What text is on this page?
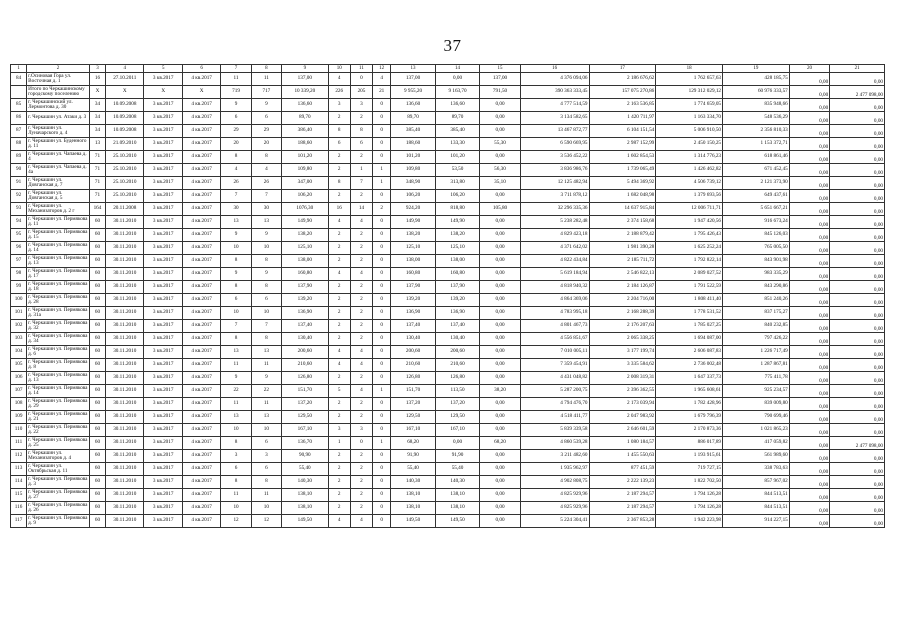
37
1	2	3	4	5	6	7	8	9	10	11	12	13	14	15	16	17	18	19	20	21
84	г.Осиновая Гора ул. Восточная д. 1	16	27.10.2011	3 кв.2017	4 кв.2017	11	11	137,00	4	0	4	137,00	0,00	137,00	4 376 094,06	2 186 676,62	1 762 657,63	428 185,75	0,00	0,00
	Итого по Черкашинскому городскому поселению	X	X	X	X	719	717	10 339,20	226	205	21	9 955,20	9 163,70	791,50	390 363 333,45	157 075 270,86	129 312 029,12	60 976 333,57	0,00	2 477 098,00
85	г. Черкашинский ул. Лермонтова д. 30	34	10.09.2008	3 кв.2017	4 кв.2017	9	9	136,60	3	3	0	136,60	136,60	0,00	4 777 514,59	2 163 536,85	1 774 659,05	835 948,66	0,00	0,00
86	г. Черкашин ул. Атаки д. 3	34	10.09.2008	3 кв.2017	4 кв.2017	6	6	89,70	2	2	0	89,70	89,70	0,00	3 134 582,65	1 420 711,97	1 163 334,70	548 536,29	0,00	0,00
87	г. Черкашин ул. Луначарского д. 4	34	10.09.2008	3 кв.2017	4 кв.2017	29	29	386,40	8	8	0	385,40	385,40	0,00	13 467 872,77	6 104 151,54	5 006 910,50	2 356 810,33	0,00	0,00
88	г. Черкашин ул. Буденного д. 11	13	21.09.2010	3 кв.2017	4 кв.2017	20	20	188,60	6	6	0	188,60	133,30	55,30	6 590 669,95	2 987 152,99	2 450 150,25	1 153 372,71	0,00	0,00
89	г. Черкашин ул. Чапаева д. 4	71	25.10.2010	3 кв.2017	4 кв.2017	8	8	101,20	2	2	0	101,20	101,20	0,00	3 536 452,22	1 602 854,53	1 314 776,23	618 861,46	0,00	0,00
90	г. Черкашин ул. Чапаева д. 4а	71	25.10.2010	3 кв.2017	4 кв.2017	4	4	109,80	2	1	1	109,80	53,50	56,30	3 836 986,76	1 739 065,49	1 426 462,82	671 452,45	0,00	0,00
91	г. Черкашин ул. Довганская д. 7	71	25.10.2010	3 кв.2017	4 кв.2017	26	26	347,00	8	7	1	348,90	313,80	35,10	12 125 482,94	5 494 369,92	4 506 739,12	2 121 373,90	0,00	0,00
92	г. Черкашин ул. Довганская д. 5	71	25.10.2010	3 кв.2017	4 кв.2017	7	7	106,20	2	2	0	106,20	106,20	0,00	3 711 878,12	1 682 048,98	1 379 693,56	649 437,61	0,00	0,00
93	г. Черкашин ул. Механизаторов д. 2 г	164	20.11.2008	3 кв.2017	4 кв.2017	30	30	1076,30	16	14	2	924,20	818,80	105,80	32 296 335,36	14 637 915,84	12 006 711,71	5 651 667,21	0,00	0,00
94	г. Черкашин ул. Пермякова д. 11	60	30.11.2010	3 кв.2017	4 кв.2017	13	13	149,90	4	4	0	149,90	149,90	0,00	5 238 282,48	2 374 158,68	1 947 420,56	916 673,24	0,00	0,00
95	г. Черкашин ул. Пермякова д. 15	60	30.11.2010	3 кв.2017	4 кв.2017	9	9	138,20	2	2	0	138,20	138,20	0,00	4 829 423,18	2 188 879,42	1 795 426,43	845 126,03	0,00	0,00
96	г. Черкашин ул. Пермякова д. 14	60	30.11.2010	3 кв.2017	4 кв.2017	10	10	125,10	2	2	0	125,10	125,10	0,00	4 371 642,02	1 981 390,28	1 625 252,24	765 005,50	0,00	0,00
97	г. Черкашин ул. Пермякова д. 13	60	30.11.2010	3 кв.2017	4 кв.2017	8	8	138,00	2	2	0	138,00	138,00	0,00	4 822 434,84	2 185 711,72	1 792 822,14	843 901,98	0,00	0,00
98	г. Черкашин ул. Пермякова д. 17	60	30.11.2010	3 кв.2017	4 кв.2017	9	9	160,80	4	4	0	160,80	160,80	0,00	5 619 184,94	2 546 822,13	2 089 027,52	983 335,29	0,00	0,00
99	г. Черкашин ул. Пермякова д. 18	60	30.11.2010	3 кв.2017	4 кв.2017	8	8	137,90	2	2	0	137,90	137,90	0,00	4 818 940,32	2 184 126,87	1 791 522,59	843 290,86	0,00	0,00
100	г. Черкашин ул. Пермякова д. 28	60	30.11.2010	3 кв.2017	4 кв.2017	6	6	139,20	2	2	0	139,20	139,20	0,00	4 864 369,06	2 204 716,00	1 808 411,40	851 240,26	0,00	0,00
101	г. Черкашин ул. Пермякова д. 31а	60	30.11.2010	3 кв.2017	4 кв.2017	10	10	136,90	2	2	0	136,90	136,90	0,00	4 783 995,18	2 168 288,39	1 778 531,52	837 175,27	0,00	0,00
102	г. Черкашин ул. Пермякова д. 32	60	30.11.2010	3 кв.2017	4 кв.2017	7	7	137,40	2	2	0	137,40	137,40	0,00	4 801 467,73	2 176 207,63	1 785 027,25	840 232,85	0,00	0,00
103	г. Черкашин ул. Пермякова д. 34	60	30.11.2010	3 кв.2017	4 кв.2017	8	8	130,40	2	2	0	130,40	130,40	0,00	4 556 851,67	2 065 338,25	1 694 087,00	797 426,22	0,00	0,00
104	г. Черкашин ул. Пермякова д. 6	60	30.11.2010	3 кв.2017	4 кв.2017	13	13	200,60	4	4	0	200,60	200,60	0,00	7 010 005,11	3 177 199,74	2 606 087,83	1 226 717,49	0,00	0,00
105	г. Черкашин ул. Пермякова д. 8	60	30.11.2010	3 кв.2017	4 кв.2017	11	11	210,60	4	4	0	210,60	210,60	0,00	7 359 454,91	3 335 584,62	2 736 002,48	1 287 867,81	0,00	0,00
106	г. Черкашин ул. Пермякова д. 13	60	30.11.2010	3 кв.2017	4 кв.2017	9	9	126,80	2	2	0	126,80	126,80	0,00	4 431 048,82	2 008 319,31	1 647 337,73	775 411,78	0,00	0,00
107	г. Черкашин ул. Пермякова д. 14	60	30.11.2010	3 кв.2017	4 кв.2017	22	22	151,70	5	4	1	151,70	113,50	38,20	5 287 200,75	2 396 362,55	1 965 608,61	925 234,57	0,00	0,00
108	г. Черкашин ул. Пермякова д. 29	60	30.11.2010	3 кв.2017	4 кв.2017	11	11	137,20	2	2	0	137,20	137,20	0,00	4 794 476,70	2 173 039,94	1 782 428,96	839 009,80	0,00	0,00
109	г. Черкашин ул. Пермякова д. 21	60	30.11.2010	3 кв.2017	4 кв.2017	13	13	129,50	2	2	0	129,50	129,50	0,00	4 518 411,77	2 047 983,92	1 679 796,39	790 699,46	0,00	0,00
110	г. Черкашин ул. Пермякова д. 22	60	30.11.2010	3 кв.2017	4 кв.2017	10	10	167,10	3	3	0	167,10	167,10	0,00	5 839 339,58	2 646 601,59	2 170 873,36	1 021 865,23	0,00	0,00
111	г. Черкашин ул. Пермякова д. 25	60	30.11.2010	3 кв.2017	4 кв.2017	8	6	136,70	1	0	1	68,20	0,00	68,20	4 860 539,28	1 080 184,57	886 017,89	417 059,82	0,00	2 477 098,00
112	г. Черкашин ул. Механизаторов д. 4	60	30.11.2010	3 кв.2017	4 кв.2017	3	3	90,90	2	2	0	91,90	91,90	0,00	3 211 482,60	1 455 550,63	1 193 915,61	561 989,60	0,00	0,00
113	г. Черкашин ул. Октябрьская д. 11	60	30.11.2010	3 кв.2017	4 кв.2017	6	6	55,40	2	2	0	55,40	55,40	0,00	1 935 962,97	877 451,59	719 727,15	338 783,63	0,00	0,00
114	г. Черкашин ул. Пермякова д. 3	60	30.11.2010	3 кв.2017	4 кв.2017	8	8	140,30	2	2	0	140,30	140,30	0,00	4 902 808,75	2 222 139,23	1 822 702,50	857 967,02	0,00	0,00
115	г. Черкашин ул. Пермякова д. 27	60	30.11.2010	3 кв.2017	4 кв.2017	11	11	138,10	2	2	0	138,10	138,10	0,00	4 825 929,96	2 187 294,57	1 794 126,28	844 513,51	0,00	0,00
116	г. Черкашин ул. Пермякова д. 26	60	30.11.2010	3 кв.2017	4 кв.2017	10	10	138,10	2	2	0	138,10	138,10	0,00	4 825 929,96	2 187 294,57	1 794 126,28	844 513,51	0,00	0,00
117	г. Черкашин ул. Пермякова д. 9	60	30.11.2010	3 кв.2017	4 кв.2017	12	12	149,50	4	4	0	149,50	149,50	0,00	5 224 304,41	2 367 853,28	1 942 223,98	914 227,15	0,00	0,00
